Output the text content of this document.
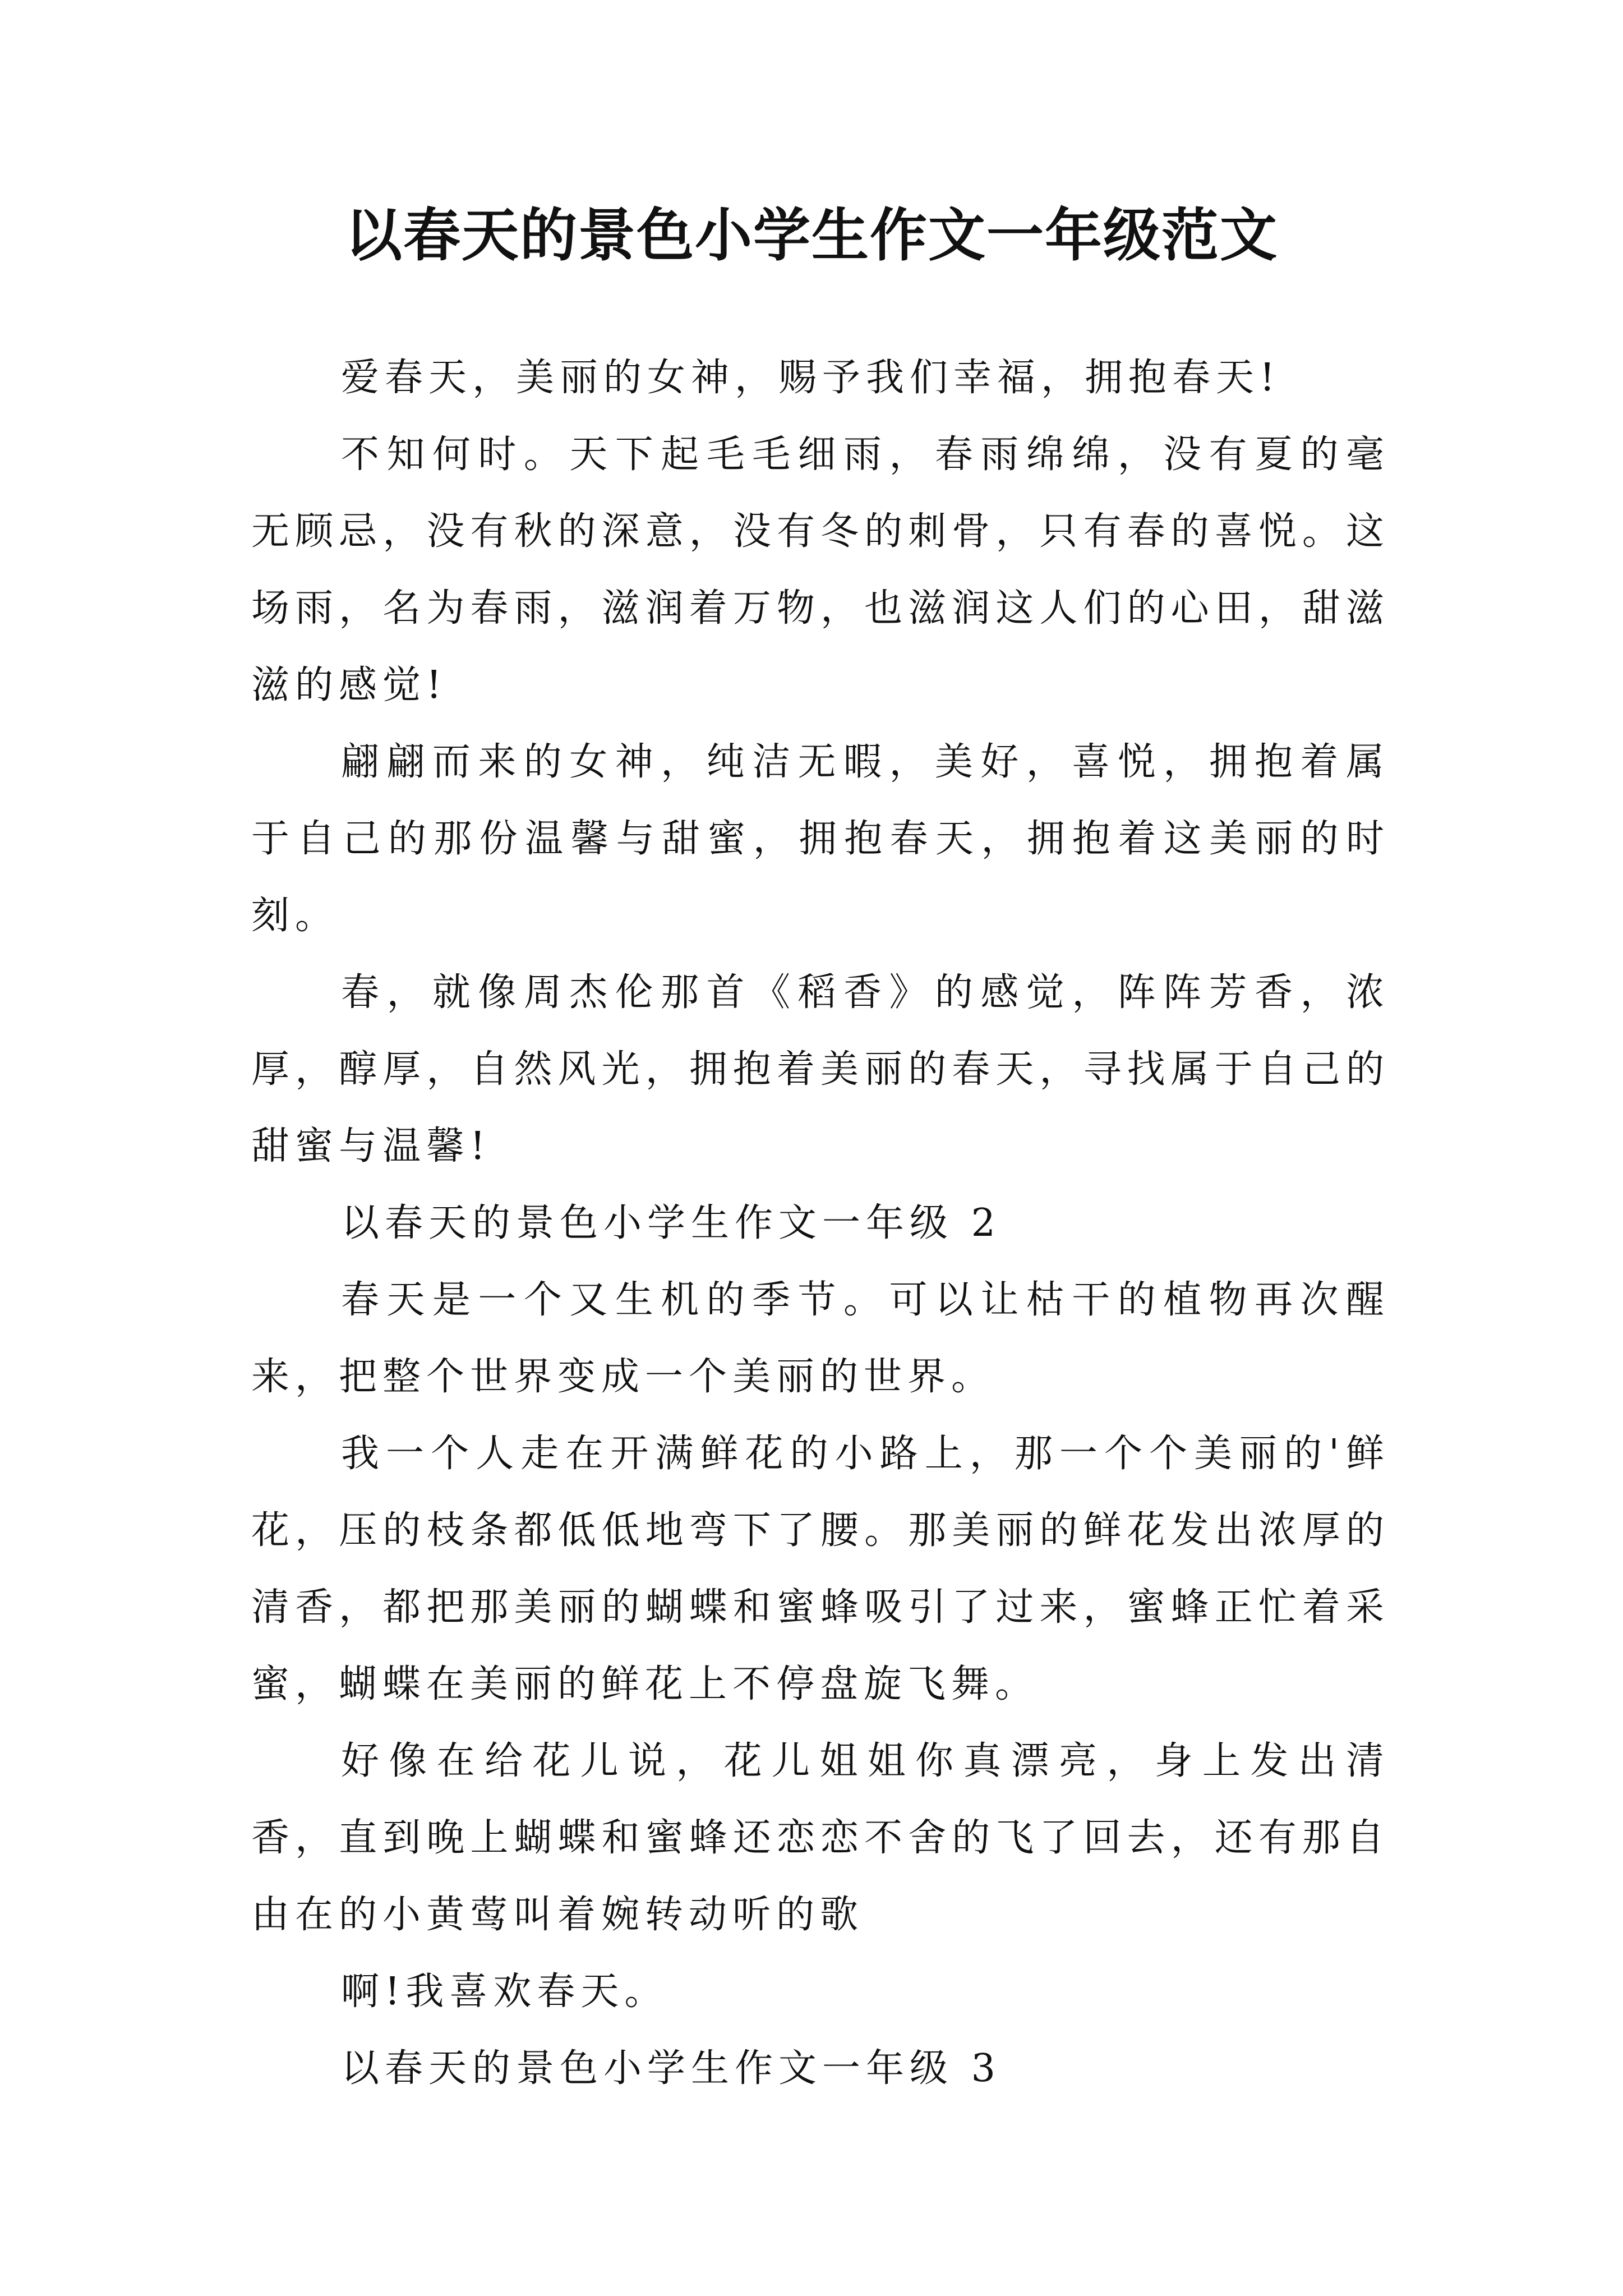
以春天的景色小学生作文一年级范文

爱春天，美丽的女神，赐予我们幸福，拥抱春天!

不知何时。天下起毛毛细雨，春雨绵绵，没有夏的毫无顾忌，没有秋的深意，没有冬的刺骨，只有春的喜悦。这场雨，名为春雨，滋润着万物，也滋润这人们的心田，甜滋滋的感觉!

翩翩而来的女神，纯洁无暇，美好，喜悦，拥抱着属于自己的那份温馨与甜蜜，拥抱春天，拥抱着这美丽的时刻。

春，就像周杰伦那首《稻香》的感觉，阵阵芳香，浓厚，醇厚，自然风光，拥抱着美丽的春天，寻找属于自己的甜蜜与温馨!

以春天的景色小学生作文一年级 2

春天是一个又生机的季节。可以让枯干的植物再次醒来，把整个世界变成一个美丽的世界。

我一个人走在开满鲜花的小路上，那一个个美丽的'鲜花，压的枝条都低低地弯下了腰。那美丽的鲜花发出浓厚的清香，都把那美丽的蝴蝶和蜜蜂吸引了过来，蜜蜂正忙着采蜜，蝴蝶在美丽的鲜花上不停盘旋飞舞。

好像在给花儿说，花儿姐姐你真漂亮，身上发出清香，直到晚上蝴蝶和蜜蜂还恋恋不舍的飞了回去，还有那自由在的小黄莺叫着婉转动听的歌

啊!我喜欢春天。

以春天的景色小学生作文一年级 3
